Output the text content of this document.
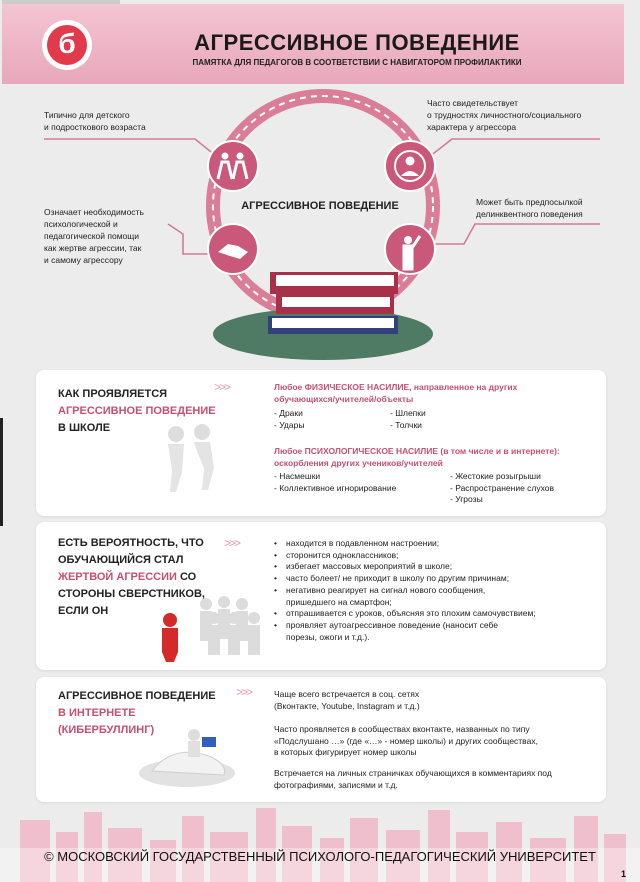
б	АГРЕССИВНОЕ ПОВЕДЕНИЕ
ПАМЯТКА ДЛЯ ПЕДАГОГОВ В СООТВЕТСТВИИ С НАВИГАТОРОМ ПРОФИЛАКТИКИ
Типично для детского
и подросткового возраста
Часто свидетельствует
о трудностях личностного/социального
характера у агрессора
Означает необходимость
психологической и
педагогической помощи
как жертве агрессии, так
и самому агрессору
Может быть предпосылкой
делинквентного поведения
АГРЕССИВНОЕ ПОВЕДЕНИЕ
КАК ПРОЯВЛЯЕТСЯ
АГРЕССИВНОЕ ПОВЕДЕНИЕ
В ШКОЛЕ
>>>	Любое ФИЗИЧЕСКОЕ НАСИЛИЕ, направленное на других
обучающихся/учителей/объекты
- Драки
- Удары
- Шлепки
- Толчки
Любое ПСИХОЛОГИЧЕСКОЕ НАСИЛИЕ (в том числе и в интернете):
оскорбления других учеников/учителей
- Насмешки
- Коллективное игнорирование
- Жестокие розыгрыши
- Распространение слухов
- Угрозы
ЕСТЬ ВЕРОЯТНОСТЬ, ЧТО
ОБУЧАЮЩИЙСЯ СТАЛ
ЖЕРТВОЙ АГРЕССИИ СО
СТОРОНЫ СВЕРСТНИКОВ,
ЕСЛИ ОН
>>>
•	находится в подавленном настроении;
• сторонится одноклассников;
• избегает массовых мероприятий в школе;
• часто болеет/ не приходит в школу по другим причинам;
• негативно реагирует на сигнал нового сообщения, пришедшего на смартфон;
• отпрашивается с уроков, объясняя это плохим самочувствием;
• проявляет аутоагрессивное поведение (наносит себе порезы, ожоги и т.д.).
АГРЕССИВНОЕ ПОВЕДЕНИЕ
В ИНТЕРНЕТЕ
(КИБЕРБУЛЛИНГ)
>>>	Чаще всего встречается в соц. сетях
(Вконтакте, Youtube, Instagram и т.д.)
Часто проявляется в сообществах вконтакте, названных по типу
«Подслушано …» (где «…» - номер школы) и других сообществах,
в которых фигурирует номер школы
Встречается на личных страничках обучающихся в комментариях под
фотографиями, записями и т.д.
© МОСКОВСКИЙ ГОСУДАРСТВЕННЫЙ ПСИХОЛОГО-ПЕДАГОГИЧЕСКИЙ УНИВЕРСИТЕТ
1
